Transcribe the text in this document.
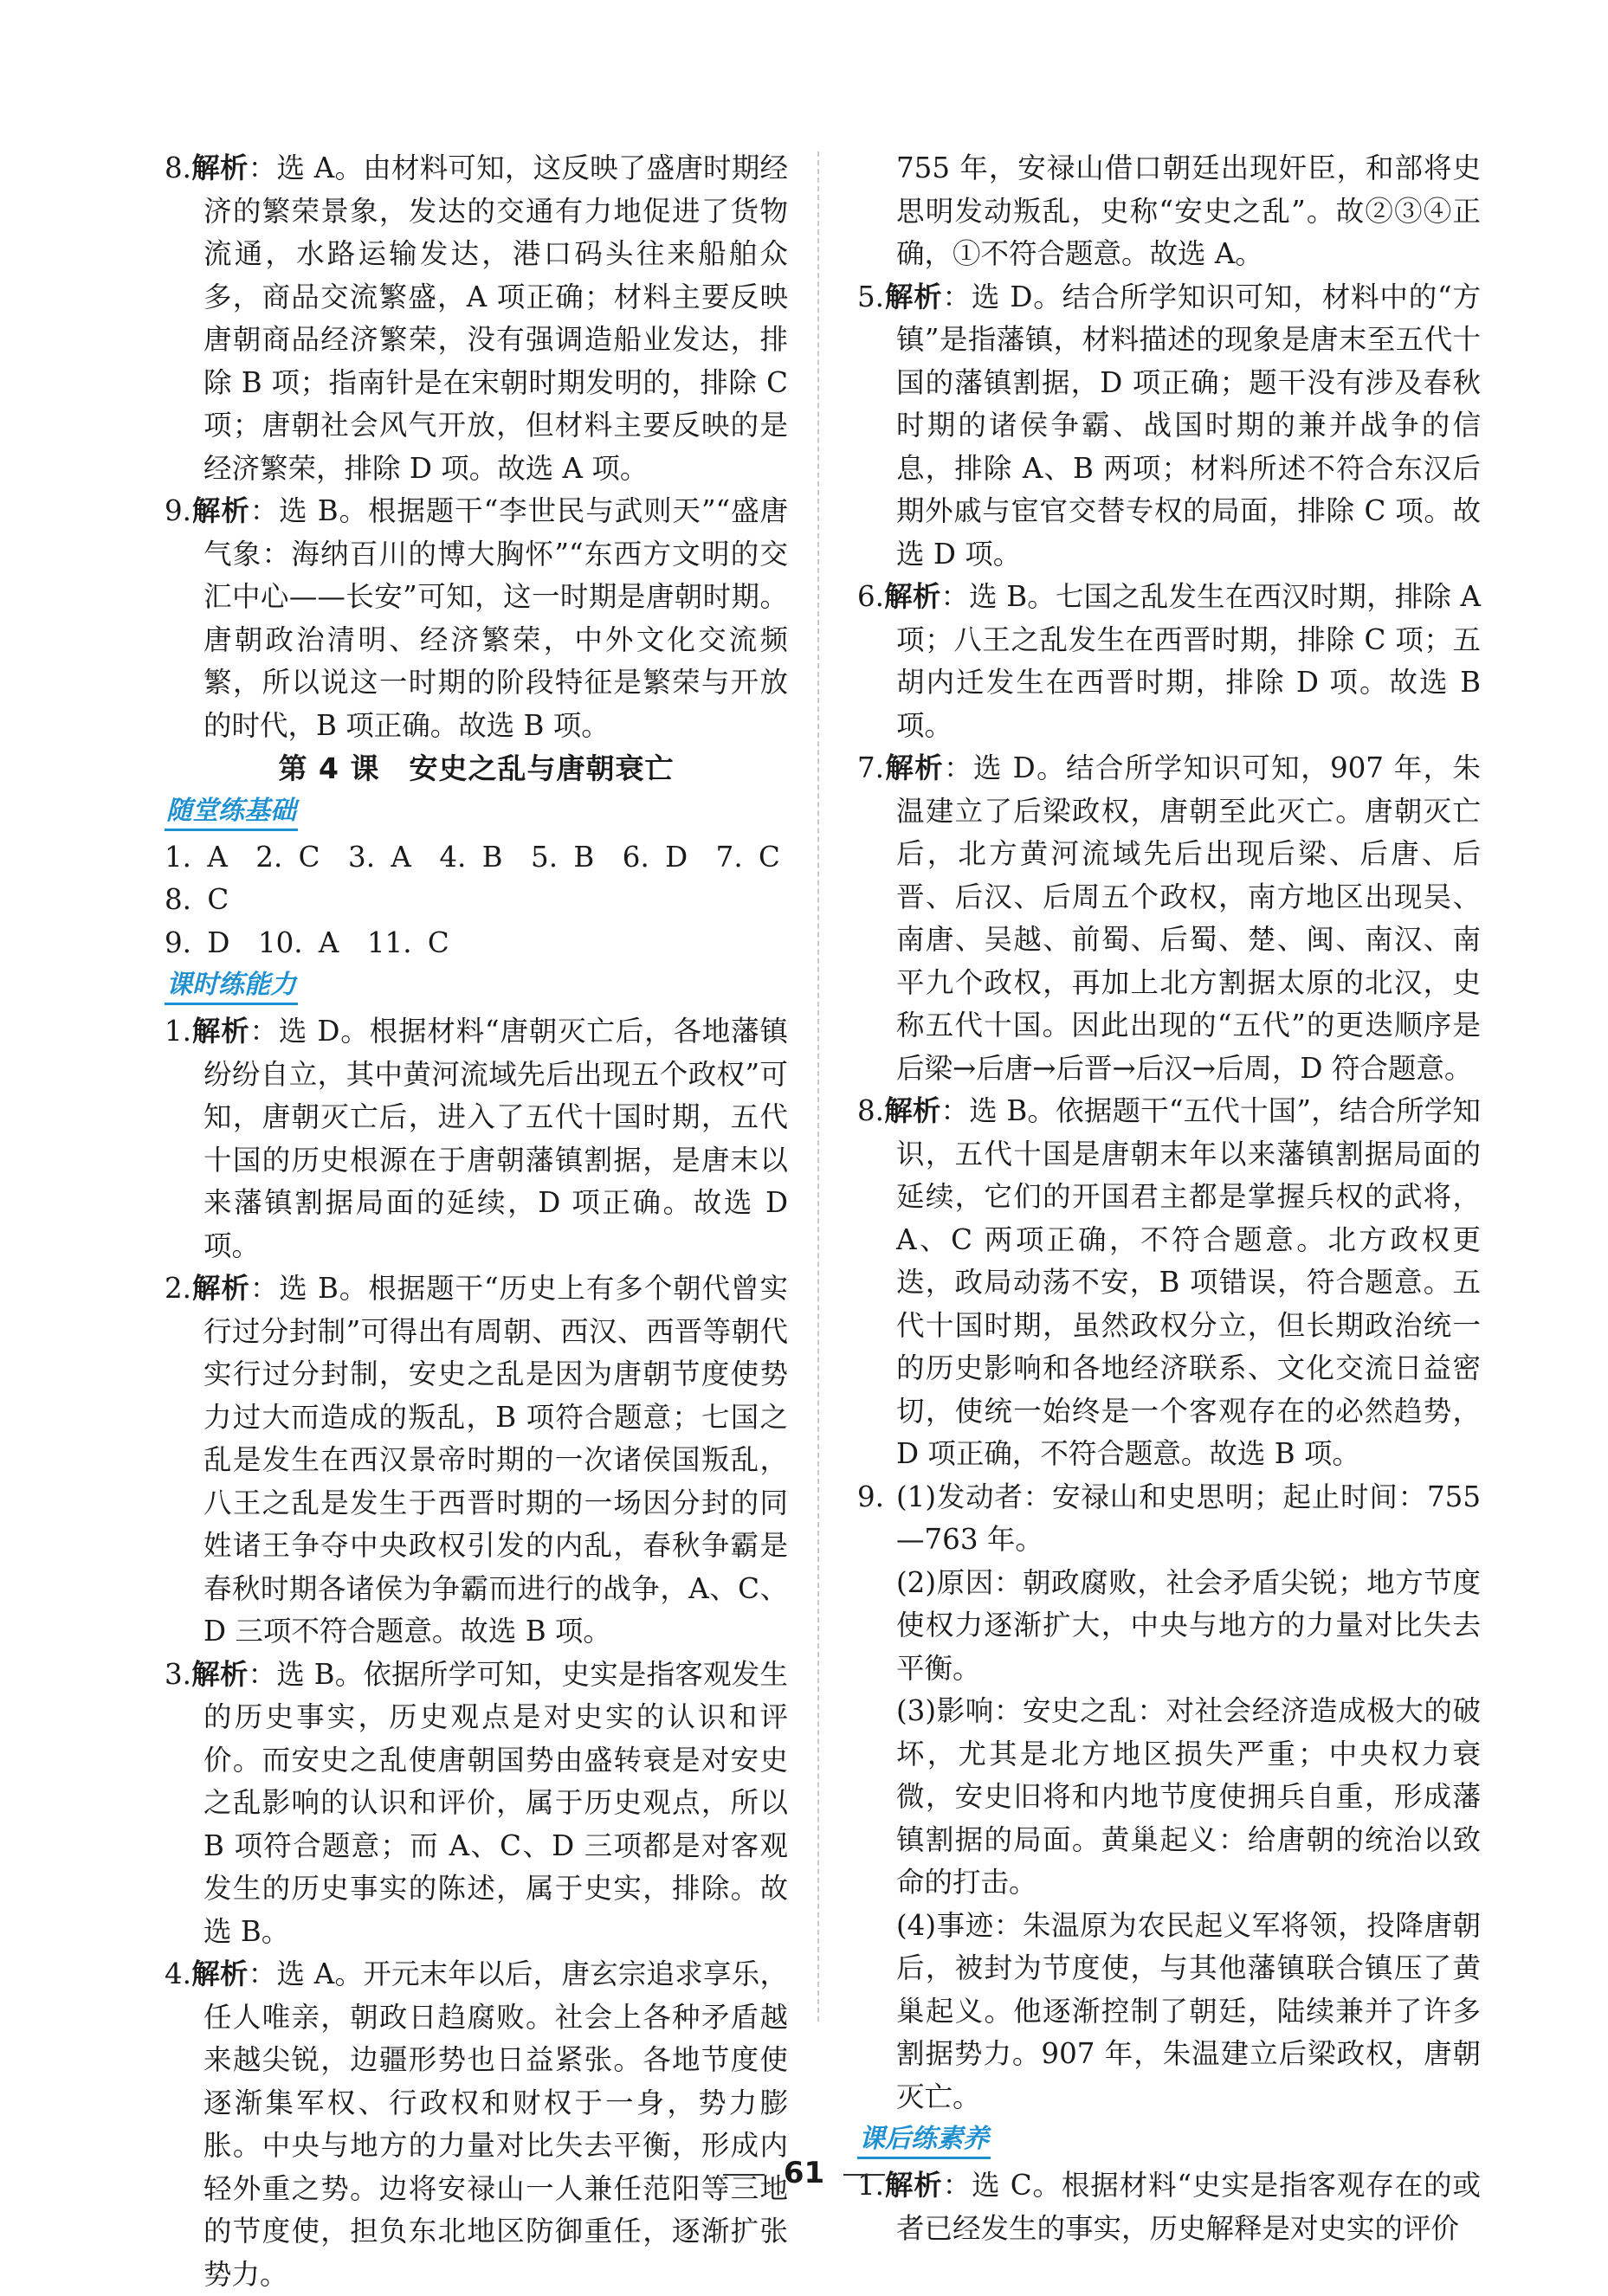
8.解析：选 A。由材料可知，这反映了盛唐时期经济的繁荣景象，发达的交通有力地促进了货物流通，水路运输发达，港口码头往来船舶众多，商品交流繁盛，A 项正确；材料主要反映唐朝商品经济繁荣，没有强调造船业发达，排除 B 项；指南针是在宋朝时期发明的，排除 C 项；唐朝社会风气开放，但材料主要反映的是经济繁荣，排除 D 项。故选 A 项。

9.解析：选 B。根据题干“李世民与武则天”“盛唐气象：海纳百川的博大胸怀”“东西方文明的交汇中心——长安”可知，这一时期是唐朝时期。唐朝政治清明、经济繁荣，中外文化交流频繁，所以说这一时期的阶段特征是繁荣与开放的时代，B 项正确。故选 B 项。

第 4 课　安史之乱与唐朝衰亡

随堂练基础

1. A　2. C　3. A　4. B　5. B　6. D　7. C　8. C

9. D　10. A　11. C

课时练能力

1.解析：选 D。根据材料“唐朝灭亡后，各地藩镇纷纷自立，其中黄河流域先后出现五个政权”可知，唐朝灭亡后，进入了五代十国时期，五代十国的历史根源在于唐朝藩镇割据，是唐末以来藩镇割据局面的延续，D 项正确。故选 D 项。

2.解析：选 B。根据题干“历史上有多个朝代曾实行过分封制”可得出有周朝、西汉、西晋等朝代实行过分封制，安史之乱是因为唐朝节度使势力过大而造成的叛乱，B 项符合题意；七国之乱是发生在西汉景帝时期的一次诸侯国叛乱，八王之乱是发生于西晋时期的一场因分封的同姓诸王争夺中央政权引发的内乱，春秋争霸是春秋时期各诸侯为争霸而进行的战争，A、C、D 三项不符合题意。故选 B 项。

3.解析：选 B。依据所学可知，史实是指客观发生的历史事实，历史观点是对史实的认识和评价。而安史之乱使唐朝国势由盛转衰是对安史之乱影响的认识和评价，属于历史观点，所以 B 项符合题意；而 A、C、D 三项都是对客观发生的历史事实的陈述，属于史实，排除。故选 B。

4.解析：选 A。开元末年以后，唐玄宗追求享乐，任人唯亲，朝政日趋腐败。社会上各种矛盾越来越尖锐，边疆形势也日益紧张。各地节度使逐渐集军权、行政权和财权于一身，势力膨胀。中央与地方的力量对比失去平衡，形成内轻外重之势。边将安禄山一人兼任范阳等三地的节度使，担负东北地区防御重任，逐渐扩张势力。

755 年，安禄山借口朝廷出现奸臣，和部将史思明发动叛乱，史称“安史之乱”。故②③④正确，①不符合题意。故选 A。

5.解析：选 D。结合所学知识可知，材料中的“方镇”是指藩镇，材料描述的现象是唐末至五代十国的藩镇割据，D 项正确；题干没有涉及春秋时期的诸侯争霸、战国时期的兼并战争的信息，排除 A、B 两项；材料所述不符合东汉后期外戚与宦官交替专权的局面，排除 C 项。故选 D 项。

6.解析：选 B。七国之乱发生在西汉时期，排除 A 项；八王之乱发生在西晋时期，排除 C 项；五胡内迁发生在西晋时期，排除 D 项。故选 B 项。

7.解析：选 D。结合所学知识可知，907 年，朱温建立了后梁政权，唐朝至此灭亡。唐朝灭亡后，北方黄河流域先后出现后梁、后唐、后晋、后汉、后周五个政权，南方地区出现吴、南唐、吴越、前蜀、后蜀、楚、闽、南汉、南平九个政权，再加上北方割据太原的北汉，史称五代十国。因此出现的“五代”的更迭顺序是后梁→后唐→后晋→后汉→后周，D 符合题意。

8.解析：选 B。依据题干“五代十国”，结合所学知识，五代十国是唐朝末年以来藩镇割据局面的延续，它们的开国君主都是掌握兵权的武将，A、C 两项正确，不符合题意。北方政权更迭，政局动荡不安，B 项错误，符合题意。五代十国时期，虽然政权分立，但长期政治统一的历史影响和各地经济联系、文化交流日益密切，使统一始终是一个客观存在的必然趋势，D 项正确，不符合题意。故选 B 项。

9. (1)发动者：安禄山和史思明；起止时间：755—763 年。

(2)原因：朝政腐败，社会矛盾尖锐；地方节度使权力逐渐扩大，中央与地方的力量对比失去平衡。

(3)影响：安史之乱：对社会经济造成极大的破坏，尤其是北方地区损失严重；中央权力衰微，安史旧将和内地节度使拥兵自重，形成藩镇割据的局面。黄巢起义：给唐朝的统治以致命的打击。

(4)事迹：朱温原为农民起义军将领，投降唐朝后，被封为节度使，与其他藩镇联合镇压了黄巢起义。他逐渐控制了朝廷，陆续兼并了许多割据势力。907 年，朱温建立后梁政权，唐朝灭亡。

课后练素养

1.解析：选 C。根据材料“史实是指客观存在的或者已经发生的事实，历史解释是对史实的评价

61
